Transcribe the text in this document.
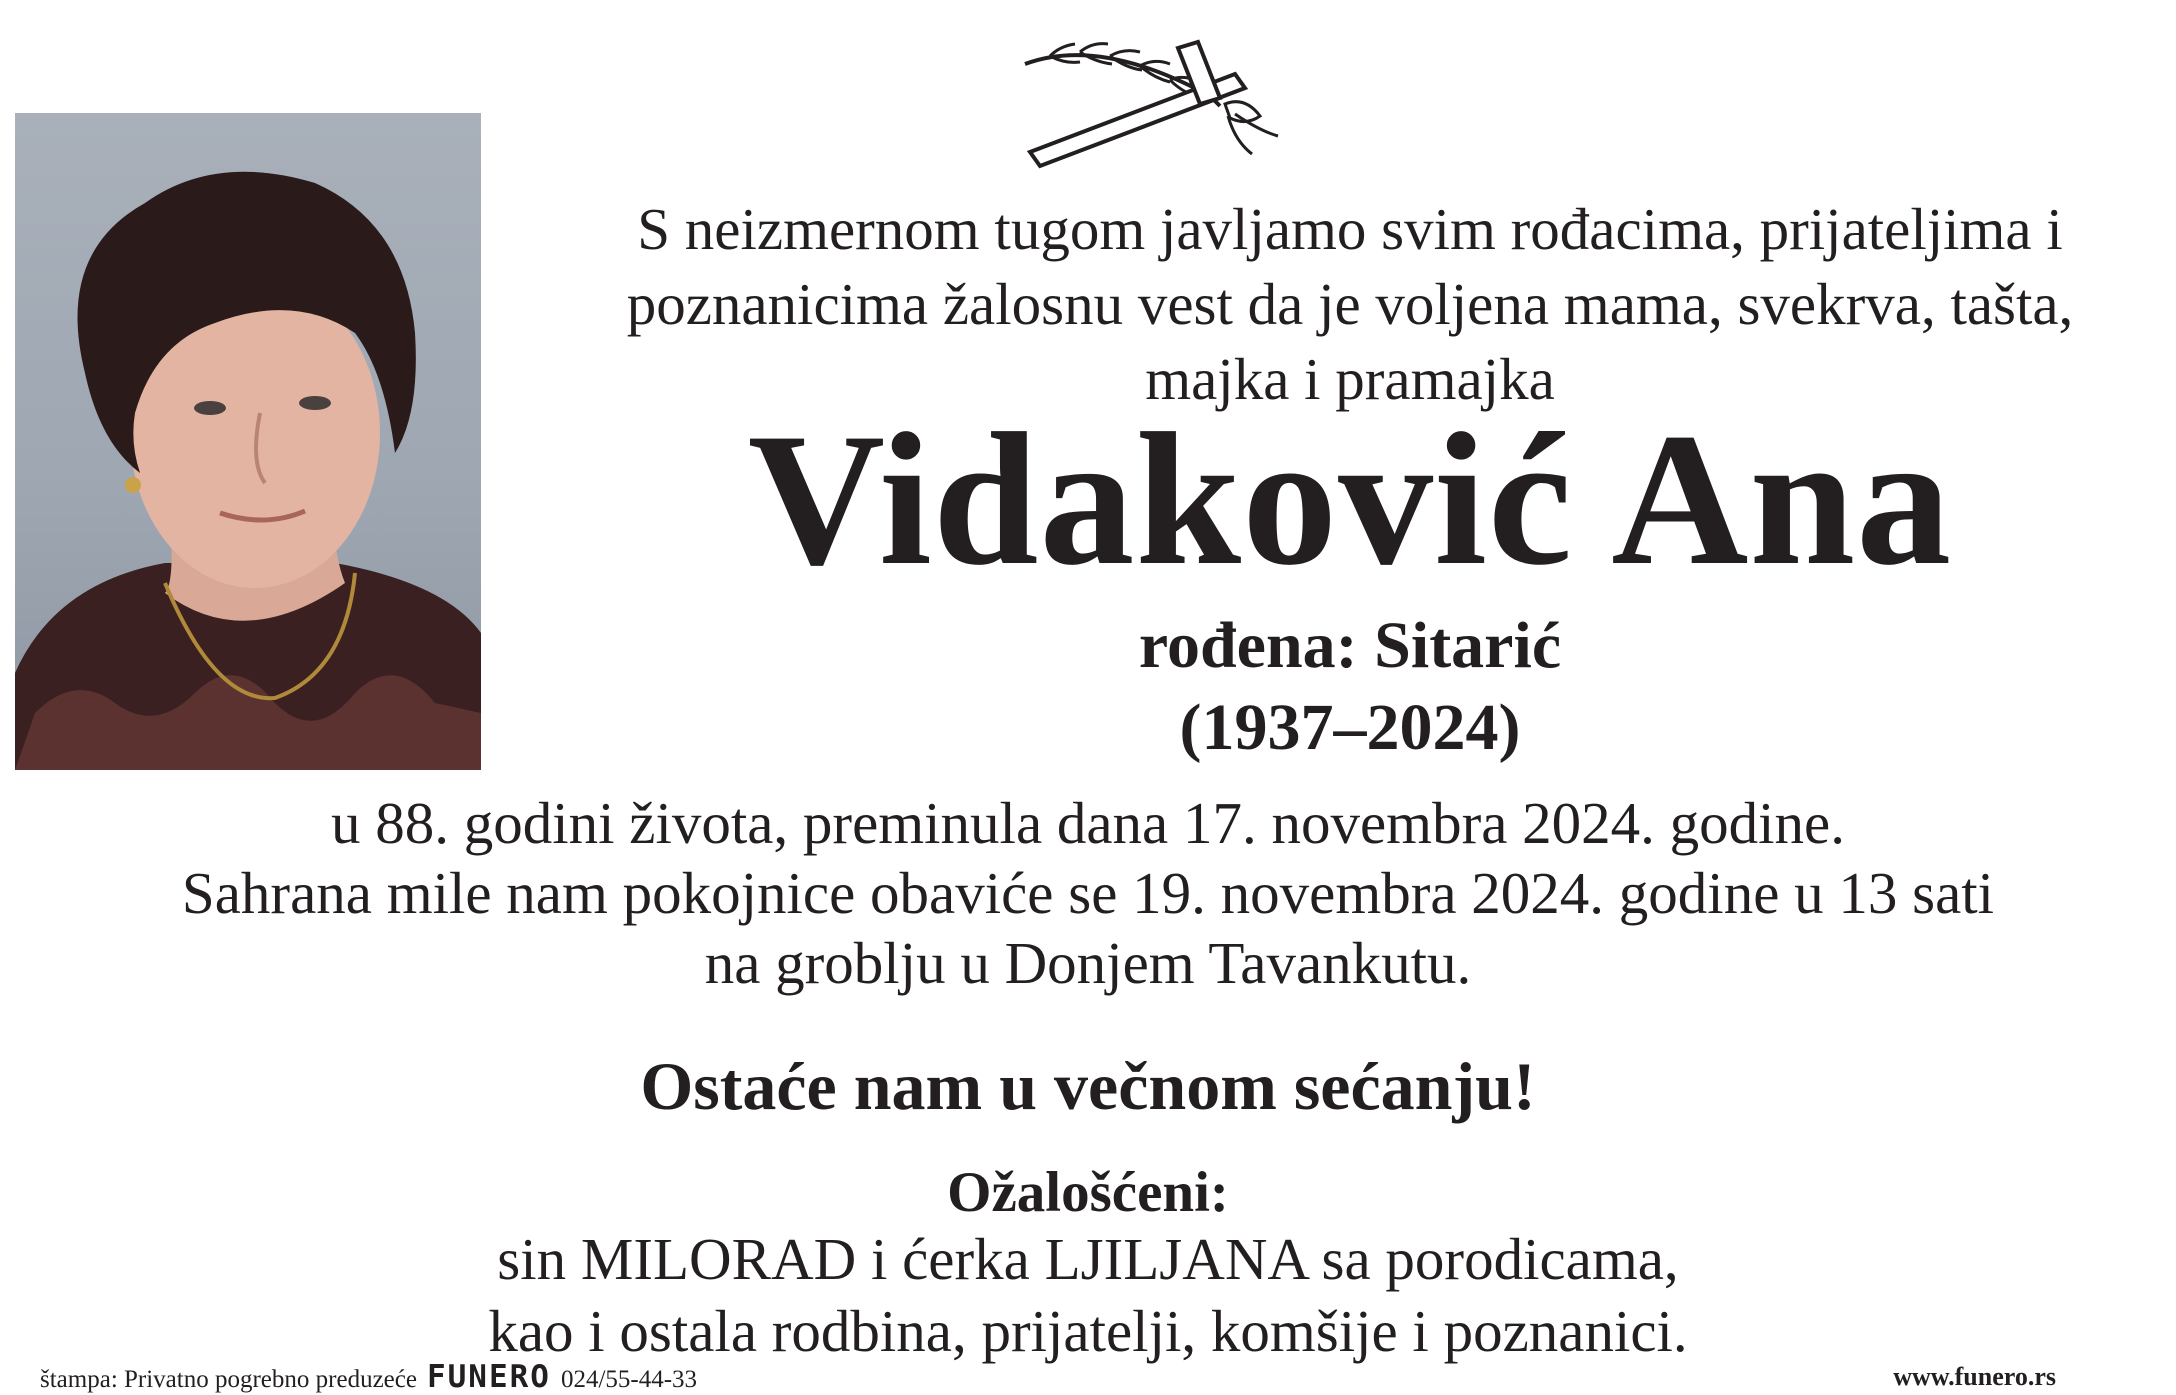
S neizmernom tugom javljamo svim rođacima, prijateljima i
poznanicima žalosnu vest da je voljena mama, svekrva, tašta,
majka i pramajka
Vidaković Ana
rođena: Sitarić
(1937–2024)
u 88. godini života, preminula dana 17. novembra 2024. godine.
Sahrana mile nam pokojnice obaviće se 19. novembra 2024. godine u 13 sati
na groblju u Donjem Tavankutu.
Ostaće nam u večnom sećanju!
Ožalošćeni:
sin MILORAD i ćerka LJILJANA sa porodicama,
kao i ostala rodbina, prijatelji, komšije i poznanici.
štampa: Privatno pogrebno preduzeće FUNERO 024/55-44-33	www.funero.rs
